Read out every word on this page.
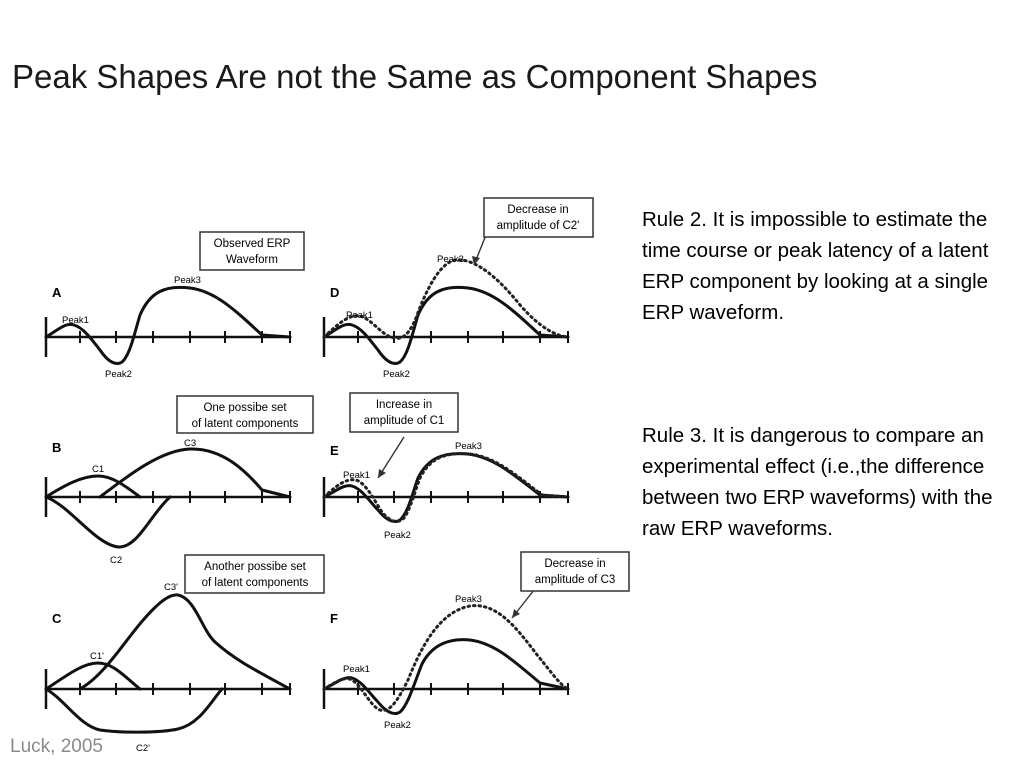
Peak Shapes Are not the Same as Component Shapes
A
Peak1
Peak2
Peak3
Observed ERP
Waveform
B
C1
C2
C3
One possibe set
of latent components
C
C1'
C2'
C3'
Another possibe set
of latent components
D
Peak1
Peak2
Peak3
Decrease in
amplitude of C2'
E
Peak1
Peak2
Peak3
Increase in
amplitude of C1
F
Peak1
Peak2
Peak3
Decrease in
amplitude of C3

Rule 2. It is impossible to estimate the time course or peak latency of a latent ERP component by looking at a single ERP waveform.

Rule 3. It is dangerous to compare an experimental effect (i.e.,the difference between two ERP waveforms) with the raw ERP waveforms.

Luck, 2005
